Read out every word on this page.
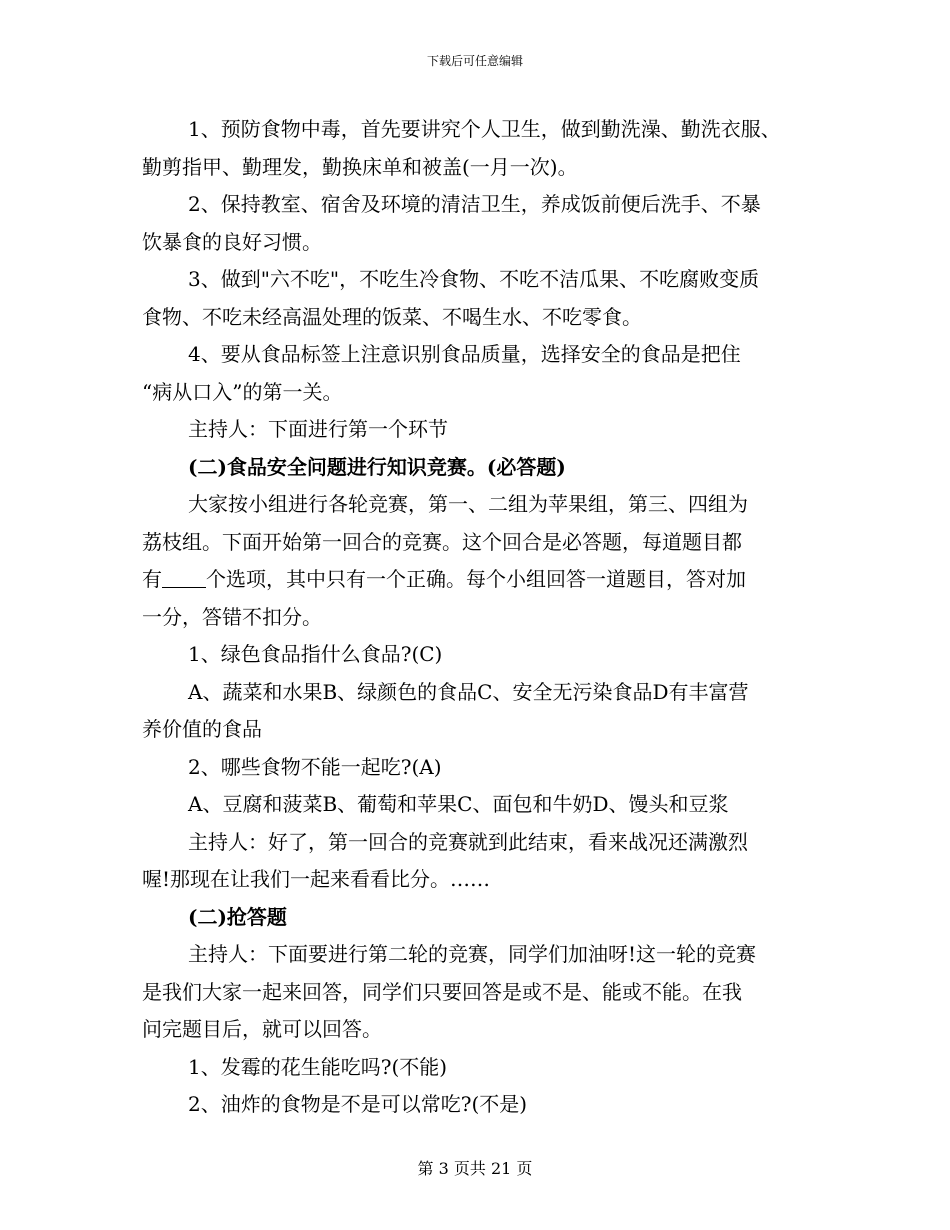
下载后可任意编辑

1、预防食物中毒，首先要讲究个人卫生，做到勤洗澡、勤洗衣服、

勤剪指甲、勤理发，勤换床单和被盖(一月一次)。

2、保持教室、宿舍及环境的清洁卫生，养成饭前便后洗手、不暴

饮暴食的良好习惯。

3、做到"六不吃"，不吃生冷食物、不吃不洁瓜果、不吃腐败变质

食物、不吃未经高温处理的饭菜、不喝生水、不吃零食。

4、要从食品标签上注意识别食品质量，选择安全的食品是把住

“病从口入”的第一关。

主持人：下面进行第一个环节

(二)食品安全问题进行知识竞赛。(必答题)

大家按小组进行各轮竞赛，第一、二组为苹果组，第三、四组为

荔枝组。下面开始第一回合的竞赛。这个回合是必答题，每道题目都

有 个选项，其中只有一个正确。每个小组回答一道题目，答对加

一分，答错不扣分。

1、绿色食品指什么食品?(C)

A、蔬菜和水果B、绿颜色的食品C、安全无污染食品D有丰富营

养价值的食品

2、哪些食物不能一起吃?(A)

A、豆腐和菠菜B、葡萄和苹果C、面包和牛奶D、馒头和豆浆

主持人：好了，第一回合的竞赛就到此结束，看来战况还满激烈

喔!那现在让我们一起来看看比分。……

(二)抢答题

主持人：下面要进行第二轮的竞赛，同学们加油呀!这一轮的竞赛

是我们大家一起来回答，同学们只要回答是或不是、能或不能。在我

问完题目后，就可以回答。

1、发霉的花生能吃吗?(不能)

2、油炸的食物是不是可以常吃?(不是)

第 3 页共 21 页
